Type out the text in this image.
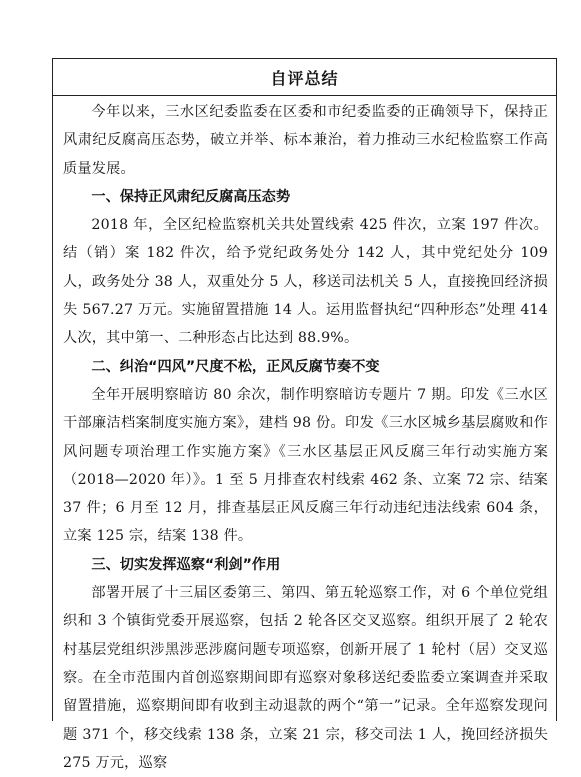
自评总结

今年以来，三水区纪委监委在区委和市纪委监委的正确领导下，保持正风肃纪反腐高压态势，破立并举、标本兼治，着力推动三水纪检监察工作高质量发展。

一、保持正风肃纪反腐高压态势

2018 年，全区纪检监察机关共处置线索 425 件次，立案 197 件次。结（销）案 182 件次，给予党纪政务处分 142 人，其中党纪处分 109 人，政务处分 38 人，双重处分 5 人，移送司法机关 5 人，直接挽回经济损失 567.27 万元。实施留置措施 14 人。运用监督执纪“四种形态”处理 414 人次，其中第一、二种形态占比达到 88.9%。

二、纠治“四风”尺度不松，正风反腐节奏不变

全年开展明察暗访 80 余次，制作明察暗访专题片 7 期。印发《三水区干部廉洁档案制度实施方案》，建档 98 份。印发《三水区城乡基层腐败和作风问题专项治理工作实施方案》《三水区基层正风反腐三年行动实施方案（2018—2020 年）》。1 至 5 月排查农村线索 462 条、立案 72 宗、结案 37 件；6 月至 12 月，排查基层正风反腐三年行动违纪违法线索 604 条，立案 125 宗，结案 138 件。

三、切实发挥巡察“利剑”作用

部署开展了十三届区委第三、第四、第五轮巡察工作，对 6 个单位党组织和 3 个镇街党委开展巡察，包括 2 轮各区交叉巡察。组织开展了 2 轮农村基层党组织涉黑涉恶涉腐问题专项巡察，创新开展了 1 轮村（居）交叉巡察。在全市范围内首创巡察期间即有巡察对象移送纪委监委立案调查并采取留置措施，巡察期间即有收到主动退款的两个“第一”记录。全年巡察发现问题 371 个，移交线索 138 条，立案 21 宗，移交司法 1 人，挽回经济损失 275 万元，巡察
